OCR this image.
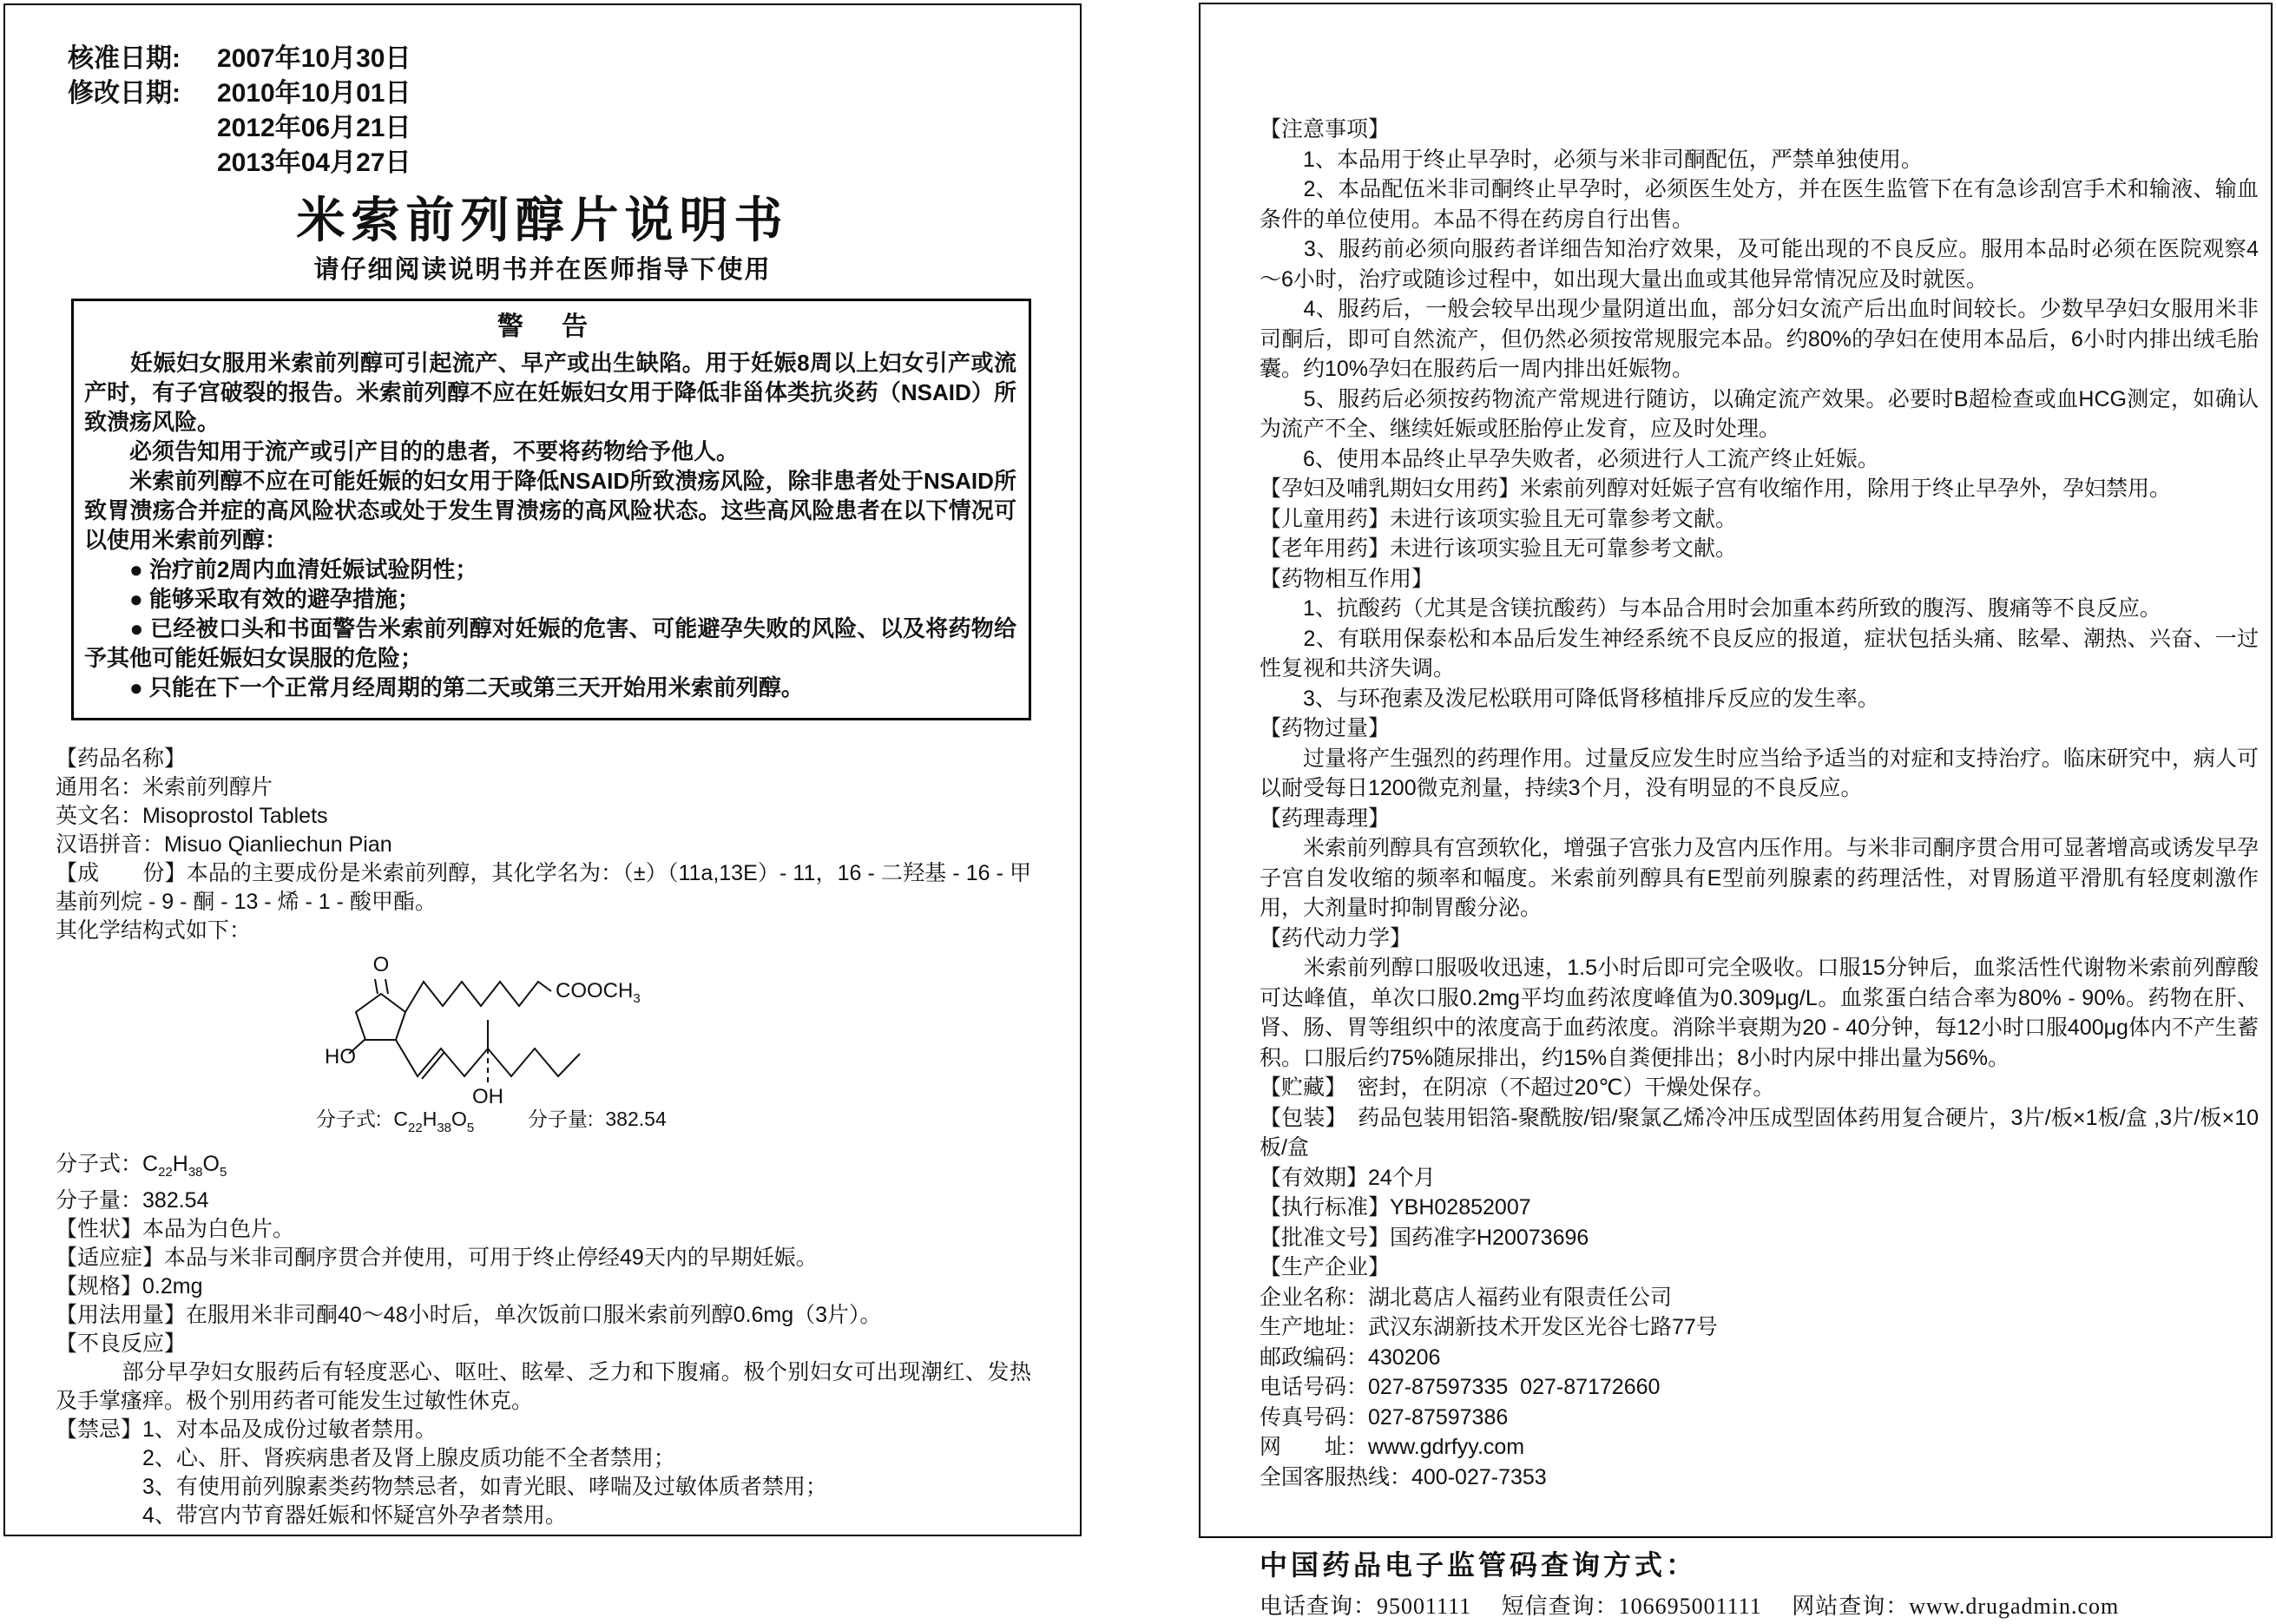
核准日期:	2007年10月30日
修改日期:	2010年10月01日
2012年06月21日
2013年04月27日
米索前列醇片说明书
请仔细阅读说明书并在医师指导下使用
警 告
　　妊娠妇女服用米索前列醇可引起流产、早产或出生缺陷。用于妊娠8周以上妇女引产或流产时，有子宫破裂的报告。米索前列醇不应在妊娠妇女用于降低非甾体类抗炎药（NSAID）所致溃疡风险。
　　必须告知用于流产或引产目的的患者，不要将药物给予他人。
　　米索前列醇不应在可能妊娠的妇女用于降低NSAID所致溃疡风险，除非患者处于NSAID所致胃溃疡合并症的高风险状态或处于发生胃溃疡的高风险状态。这些高风险患者在以下情况可以使用米索前列醇：
　　● 治疗前2周内血清妊娠试验阴性；
　　● 能够采取有效的避孕措施；
　　● 已经被口头和书面警告米索前列醇对妊娠的危害、可能避孕失败的风险、以及将药物给予其他可能妊娠妇女误服的危险；
　　● 只能在下一个正常月经周期的第二天或第三天开始用米索前列醇。
【药品名称】
通用名：米索前列醇片
英文名：Misoprostol Tablets
汉语拼音：Misuo Qianliechun Pian
【成　　份】本品的主要成份是米索前列醇，其化学名为：（±）（11a,13E）- 11，16 - 二羟基 - 16 - 甲基前列烷 - 9 - 酮 - 13 - 烯 - 1 - 酸甲酯。
其化学结构式如下：
O
HO
OH
$COOCH_3$
分子式: $C_{22}H_{38}O_5$	分子量: 382.54
分子式：$C_{22}H_{38}O_5$
分子量：382.54
【性状】本品为白色片。
【适应症】本品与米非司酮序贯合并使用，可用于终止停经49天内的早期妊娠。
【规格】0.2mg
【用法用量】在服用米非司酮40～48小时后，单次饭前口服米索前列醇0.6mg（3片）。
【不良反应】
　　　部分早孕妇女服药后有轻度恶心、呕吐、眩晕、乏力和下腹痛。极个别妇女可出现潮红、发热及手掌瘙痒。极个别用药者可能发生过敏性休克。
【禁忌】1、对本品及成份过敏者禁用。
　　　　2、心、肝、肾疾病患者及肾上腺皮质功能不全者禁用；
　　　　3、有使用前列腺素类药物禁忌者，如青光眼、哮喘及过敏体质者禁用；
　　　　4、带宫内节育器妊娠和怀疑宫外孕者禁用。
【注意事项】
　　1、本品用于终止早孕时，必须与米非司酮配伍，严禁单独使用。
　　2、本品配伍米非司酮终止早孕时，必须医生处方，并在医生监管下在有急诊刮宫手术和输液、输血条件的单位使用。本品不得在药房自行出售。
　　3、服药前必须向服药者详细告知治疗效果，及可能出现的不良反应。服用本品时必须在医院观察4～6小时，治疗或随诊过程中，如出现大量出血或其他异常情况应及时就医。
　　4、服药后，一般会较早出现少量阴道出血，部分妇女流产后出血时间较长。少数早孕妇女服用米非司酮后，即可自然流产，但仍然必须按常规服完本品。约80%的孕妇在使用本品后，6小时内排出绒毛胎囊。约10%孕妇在服药后一周内排出妊娠物。
　　5、服药后必须按药物流产常规进行随访，以确定流产效果。必要时B超检查或血HCG测定，如确认为流产不全、继续妊娠或胚胎停止发育，应及时处理。
　　6、使用本品终止早孕失败者，必须进行人工流产终止妊娠。
【孕妇及哺乳期妇女用药】米索前列醇对妊娠子宫有收缩作用，除用于终止早孕外，孕妇禁用。
【儿童用药】未进行该项实验且无可靠参考文献。
【老年用药】未进行该项实验且无可靠参考文献。
【药物相互作用】
　　1、抗酸药（尤其是含镁抗酸药）与本品合用时会加重本药所致的腹泻、腹痛等不良反应。
　　2、有联用保泰松和本品后发生神经系统不良反应的报道，症状包括头痛、眩晕、潮热、兴奋、一过性复视和共济失调。
　　3、与环孢素及泼尼松联用可降低肾移植排斥反应的发生率。
【药物过量】
　　过量将产生强烈的药理作用。过量反应发生时应当给予适当的对症和支持治疗。临床研究中，病人可以耐受每日1200微克剂量，持续3个月，没有明显的不良反应。
【药理毒理】
　　米索前列醇具有宫颈软化，增强子宫张力及宫内压作用。与米非司酮序贯合用可显著增高或诱发早孕子宫自发收缩的频率和幅度。米索前列醇具有E型前列腺素的药理活性，对胃肠道平滑肌有轻度刺激作用，大剂量时抑制胃酸分泌。
【药代动力学】
　　米索前列醇口服吸收迅速，1.5小时后即可完全吸收。口服15分钟后，血浆活性代谢物米索前列醇酸可达峰值，单次口服0.2mg平均血药浓度峰值为0.309μg/L。血浆蛋白结合率为80% - 90%。药物在肝、肾、肠、胃等组织中的浓度高于血药浓度。消除半衰期为20 - 40分钟，每12小时口服400μg体内不产生蓄积。口服后约75%随尿排出，约15%自粪便排出；8小时内尿中排出量为56%。
【贮藏】　密封，在阴凉（不超过20℃）干燥处保存。
【包装】　药品包装用铝箔-聚酰胺/铝/聚氯乙烯冷冲压成型固体药用复合硬片，3片/板×1板/盒 ,3片/板×10板/盒
【有效期】24个月
【执行标准】YBH02852007
【批准文号】国药准字H20073696
【生产企业】
企业名称：湖北葛店人福药业有限责任公司
生产地址：武汉东湖新技术开发区光谷七路77号
邮政编码：430206
电话号码：027-87597335  027-87172660
传真号码：027-87597386
网　　址：www.gdrfyy.com
全国客服热线：400-027-7353
中国药品电子监管码查询方式：
电话查询：95001111　 短信查询：106695001111　 网站查询：www.drugadmin.com
